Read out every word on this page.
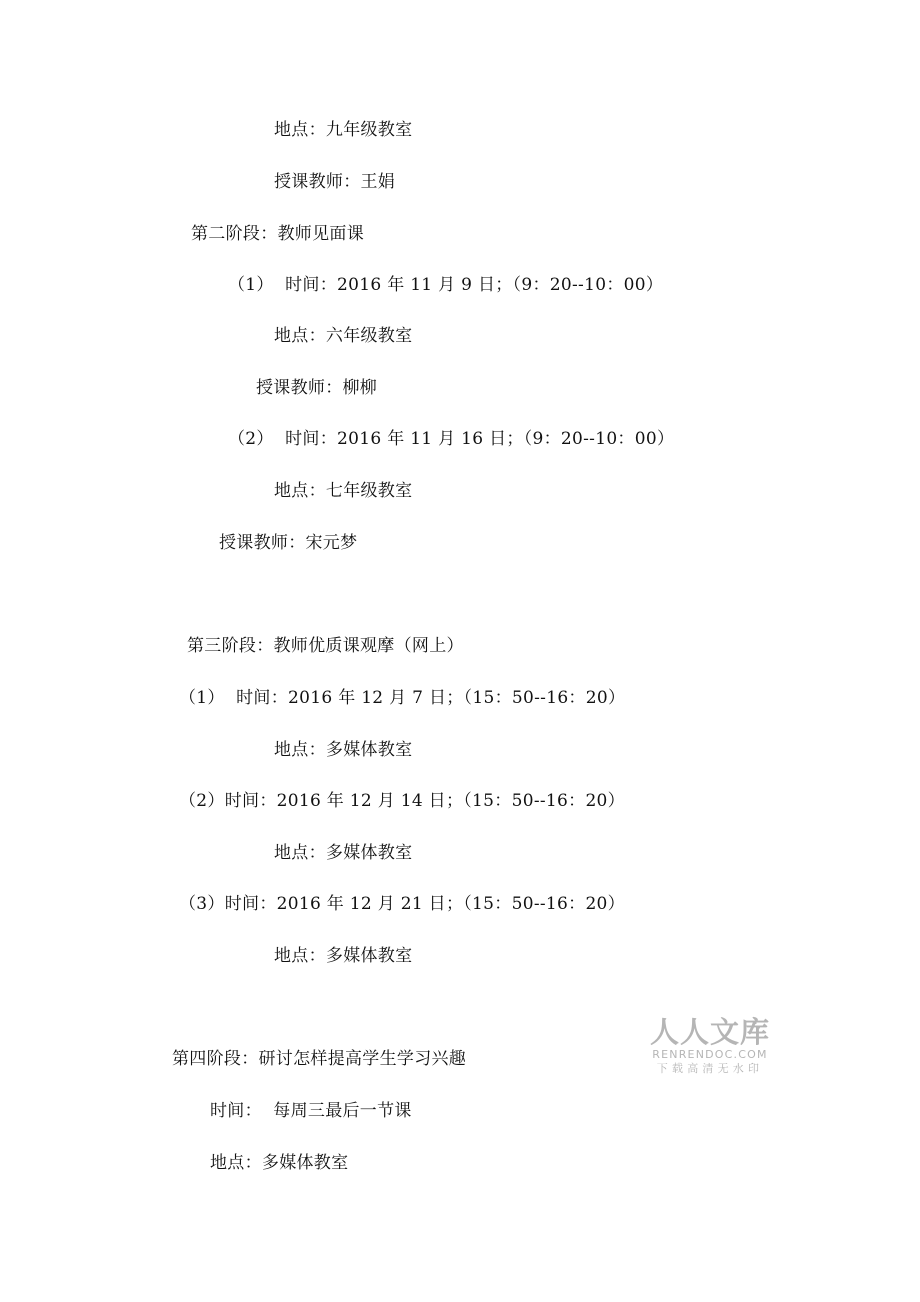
地点：九年级教室
授课教师：王娟
第二阶段：教师见面课
（1）  时间：2016 年 11 月 9 日；（9：20--10：00）
地点：六年级教室
授课教师：柳柳
（2）  时间：2016 年 11 月 16 日；（9：20--10：00）
地点：七年级教室
授课教师：宋元梦
第三阶段：教师优质课观摩（网上）
（1）  时间：2016 年 12 月 7 日；（15：50--16：20）
地点：多媒体教室
（2）时间：2016 年 12 月 14 日；（15：50--16：20）
地点：多媒体教室
（3）时间：2016 年 12 月 21 日；（15：50--16：20）
地点：多媒体教室
第四阶段：研讨怎样提高学生学习兴趣
时间：  每周三最后一节课
地点：多媒体教室
人人文库
RENRENDOC.COM
下载高清无水印
